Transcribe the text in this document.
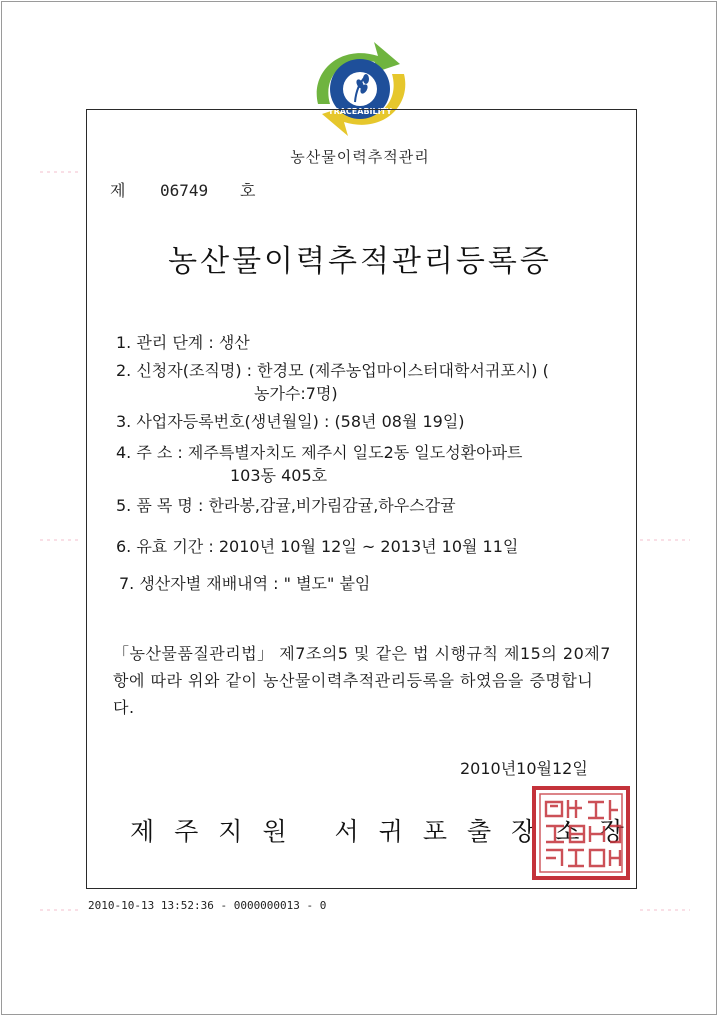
TRACEABILITY
농산물이력추적관리
제 06749 호
농산물이력추적관리등록증
1. 관리 단계 : 생산
2. 신청자(조직명) : 한경모 (제주농업마이스터대학서귀포시) (
농가수:7명)
3. 사업자등록번호(생년월일) : (58년 08월 19일)
4. 주 소 : 제주특별자치도 제주시 일도2동 일도성환아파트
103동 405호
5. 품 목 명 : 한라봉,감귤,비가림감귤,하우스감귤
6. 유효 기간 : 2010년 10월 12일 ~ 2013년 10월 11일
7. 생산자별 재배내역 : " 별도" 붙임
「농산물품질관리법」 제7조의5 및 같은 법 시행규칙 제15의 20제7항에 따라 위와 같이 농산물이력추적관리등록을 하였음을 증명합니다.
2010년10월12일
제주지원 서귀포출장소장
2010-10-13 13:52:36 - 0000000013 - 0
